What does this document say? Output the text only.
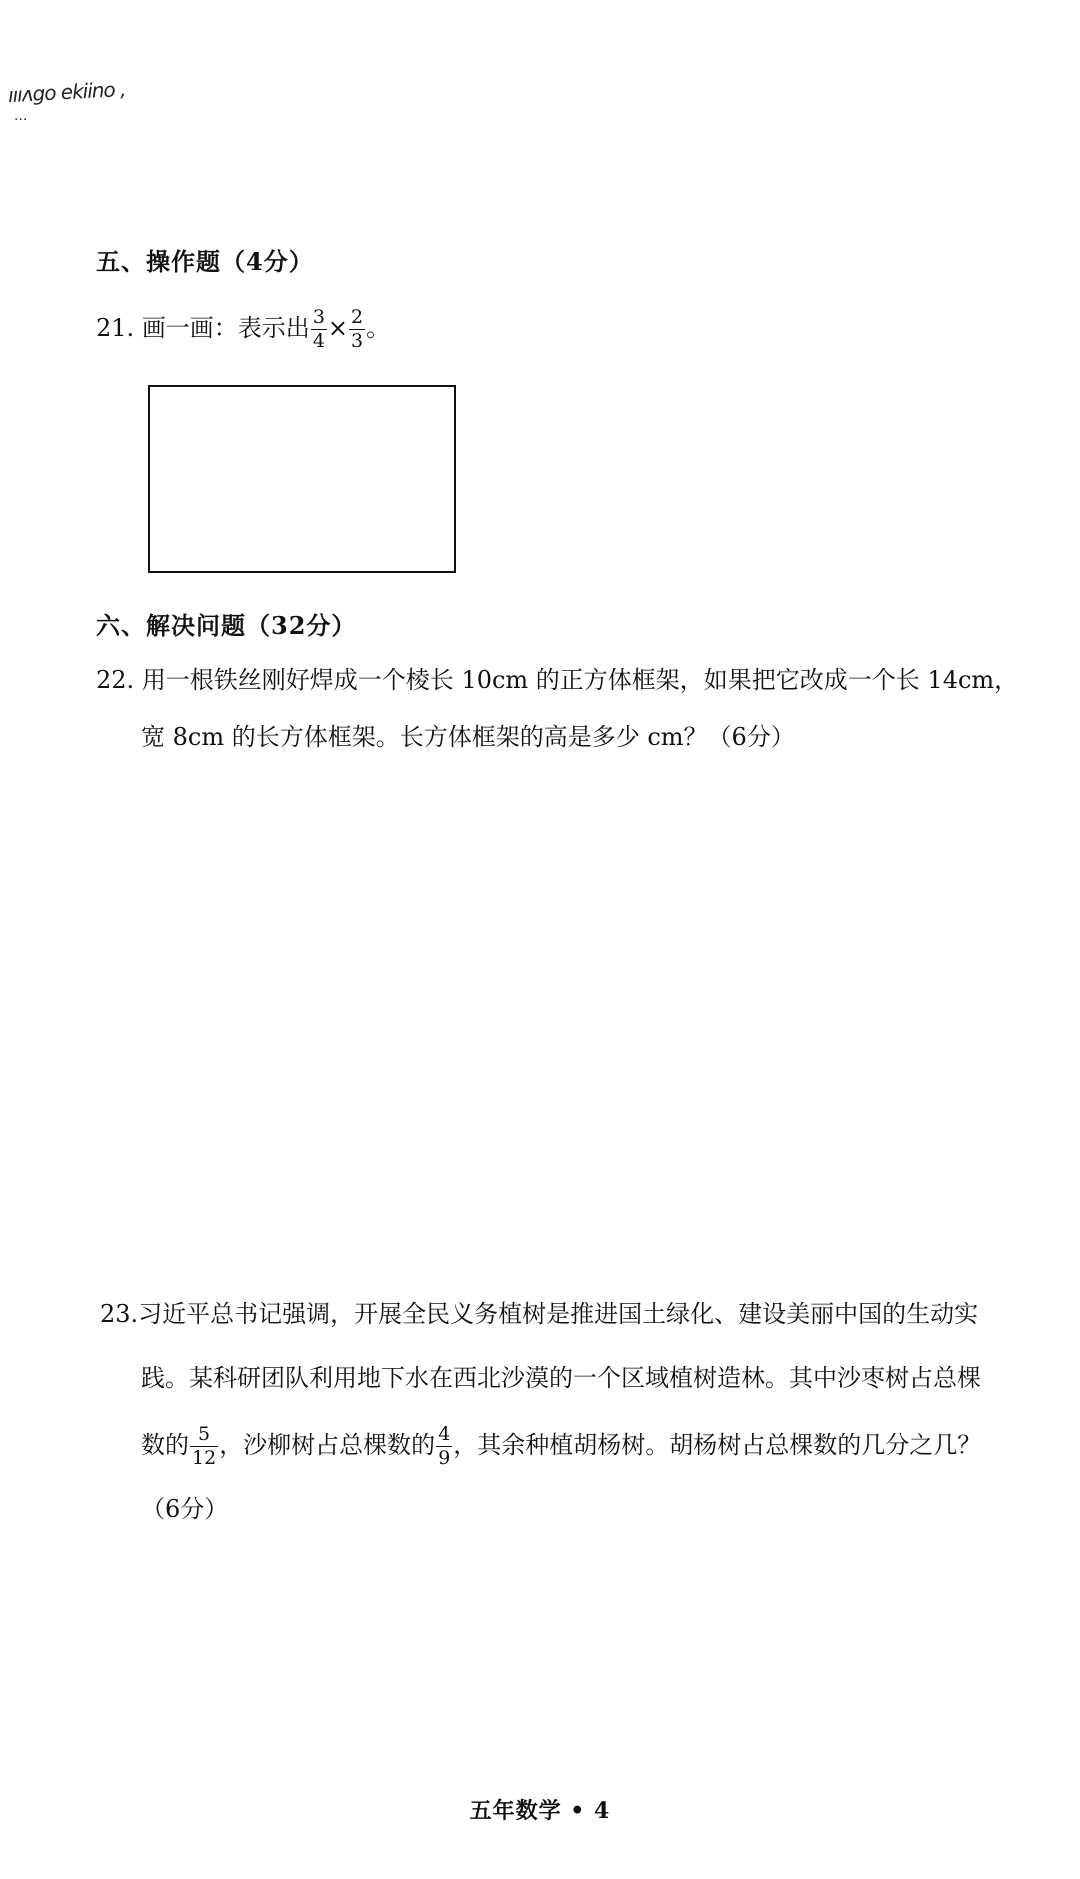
ıııʌgo ekiino ,
...
五、操作题（4分）
21. 画一画：表示出 $\frac{3}{4} \times \frac{2}{3}$ 。
六、解决问题（32分）
22. 用一根铁丝刚好焊成一个棱长 10cm 的正方体框架，如果把它改成一个长 14cm，
宽 8cm 的长方体框架。长方体框架的高是多少 cm？（6分）
23.习近平总书记强调，开展全民义务植树是推进国土绿化、建设美丽中国的生动实
践。某科研团队利用地下水在西北沙漠的一个区域植树造林。其中沙枣树占总棵
数的 $\frac{5}{12}$ ，沙柳树占总棵数的 $\frac{4}{9}$ ，其余种植胡杨树。胡杨树占总棵数的几分之几？
（6分）
五年数学 • 4
